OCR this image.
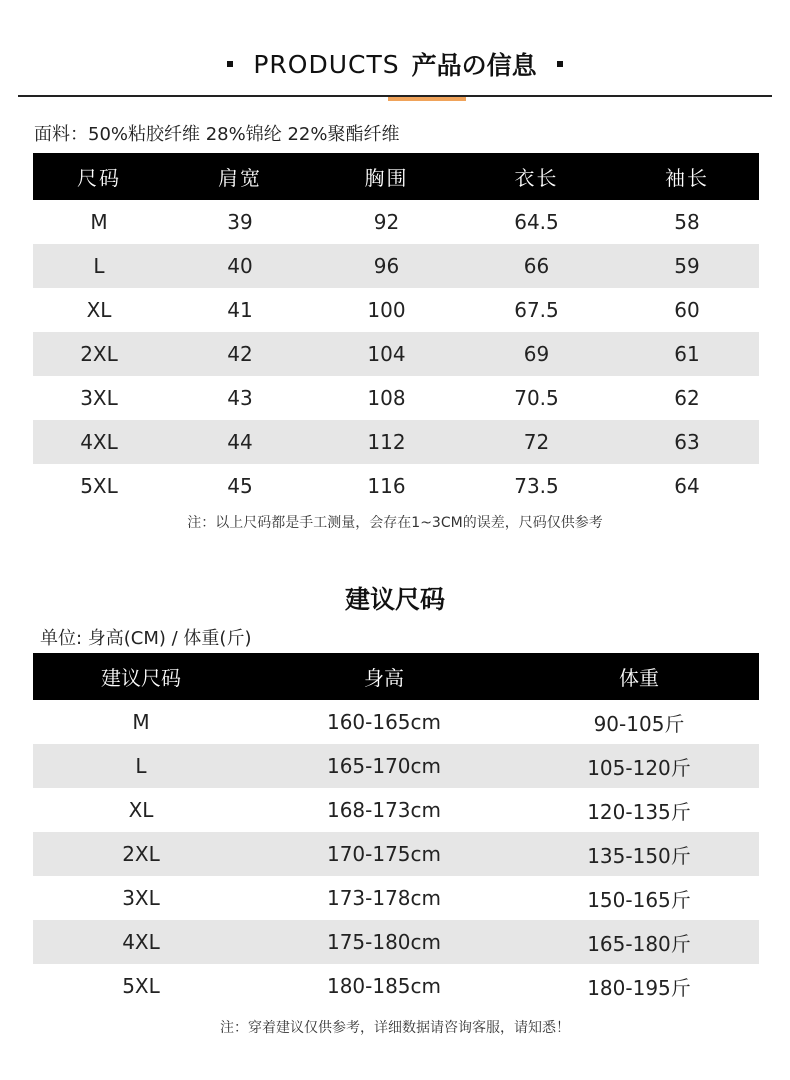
PRODUCTS 产品の信息
面料：50%粘胶纤维 28%锦纶 22%聚酯纤维
尺码	肩宽	胸围	衣长	袖长
M	39	92	64.5	58
L	40	96	66	59
XL	41	100	67.5	60
2XL	42	104	69	61
3XL	43	108	70.5	62
4XL	44	112	72	63
5XL	45	116	73.5	64
注：以上尺码都是手工测量，会存在1~3CM的误差，尺码仅供参考
建议尺码
单位: 身高(CM) / 体重(斤)
建议尺码	身高	体重
M	160-165cm	90-105斤
L	165-170cm	105-120斤
XL	168-173cm	120-135斤
2XL	170-175cm	135-150斤
3XL	173-178cm	150-165斤
4XL	175-180cm	165-180斤
5XL	180-185cm	180-195斤
注：穿着建议仅供参考，详细数据请咨询客服，请知悉！
